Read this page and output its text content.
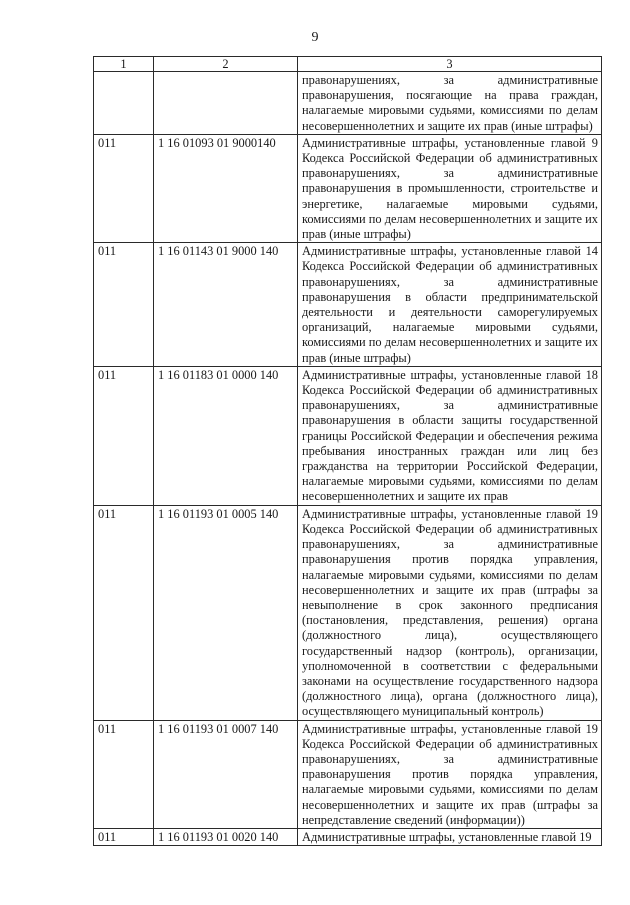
9
1	2	3
		правонарушениях, за административные правонарушения, посягающие на права граждан, налагаемые мировыми судьями, комиссиями по делам несовершеннолетних и защите их прав (иные штрафы)
011	1 16 01093 01 9000140	Административные штрафы, установленные главой 9 Кодекса Российской Федерации об административных правонарушениях, за административные правонарушения в промышленности, строительстве и энергетике, налагаемые мировыми судьями, комиссиями по делам несовершеннолетних и защите их прав (иные штрафы)
011	1 16 01143 01 9000 140	Административные штрафы, установленные главой 14 Кодекса Российской Федерации об административных правонарушениях, за административные правонарушения в области предпринимательской деятельности и деятельности саморегулируемых организаций, налагаемые мировыми судьями, комиссиями по делам несовершеннолетних и защите их прав (иные штрафы)
011	1 16 01183 01 0000 140	Административные штрафы, установленные главой 18 Кодекса Российской Федерации об административных правонарушениях, за административные правонарушения в области защиты государственной границы Российской Федерации и обеспечения режима пребывания иностранных граждан или лиц без гражданства на территории Российской Федерации, налагаемые мировыми судьями, комиссиями по делам несовершеннолетних и защите их прав
011	1 16 01193 01 0005 140	Административные штрафы, установленные главой 19 Кодекса Российской Федерации об административных правонарушениях, за административные правонарушения против порядка управления, налагаемые мировыми судьями, комиссиями по делам несовершеннолетних и защите их прав (штрафы за невыполнение в срок законного предписания (постановления, представления, решения) органа (должностного лица), осуществляющего государственный надзор (контроль), организации, уполномоченной в соответствии с федеральными законами на осуществление государственного надзора (должностного лица), органа (должностного лица), осуществляющего муниципальный контроль)
011	1 16 01193 01 0007 140	Административные штрафы, установленные главой 19 Кодекса Российской Федерации об административных правонарушениях, за административные правонарушения против порядка управления, налагаемые мировыми судьями, комиссиями по делам несовершеннолетних и защите их прав (штрафы за непредставление сведений (информации))
011	1 16 01193 01 0020 140	Административные штрафы, установленные главой 19
